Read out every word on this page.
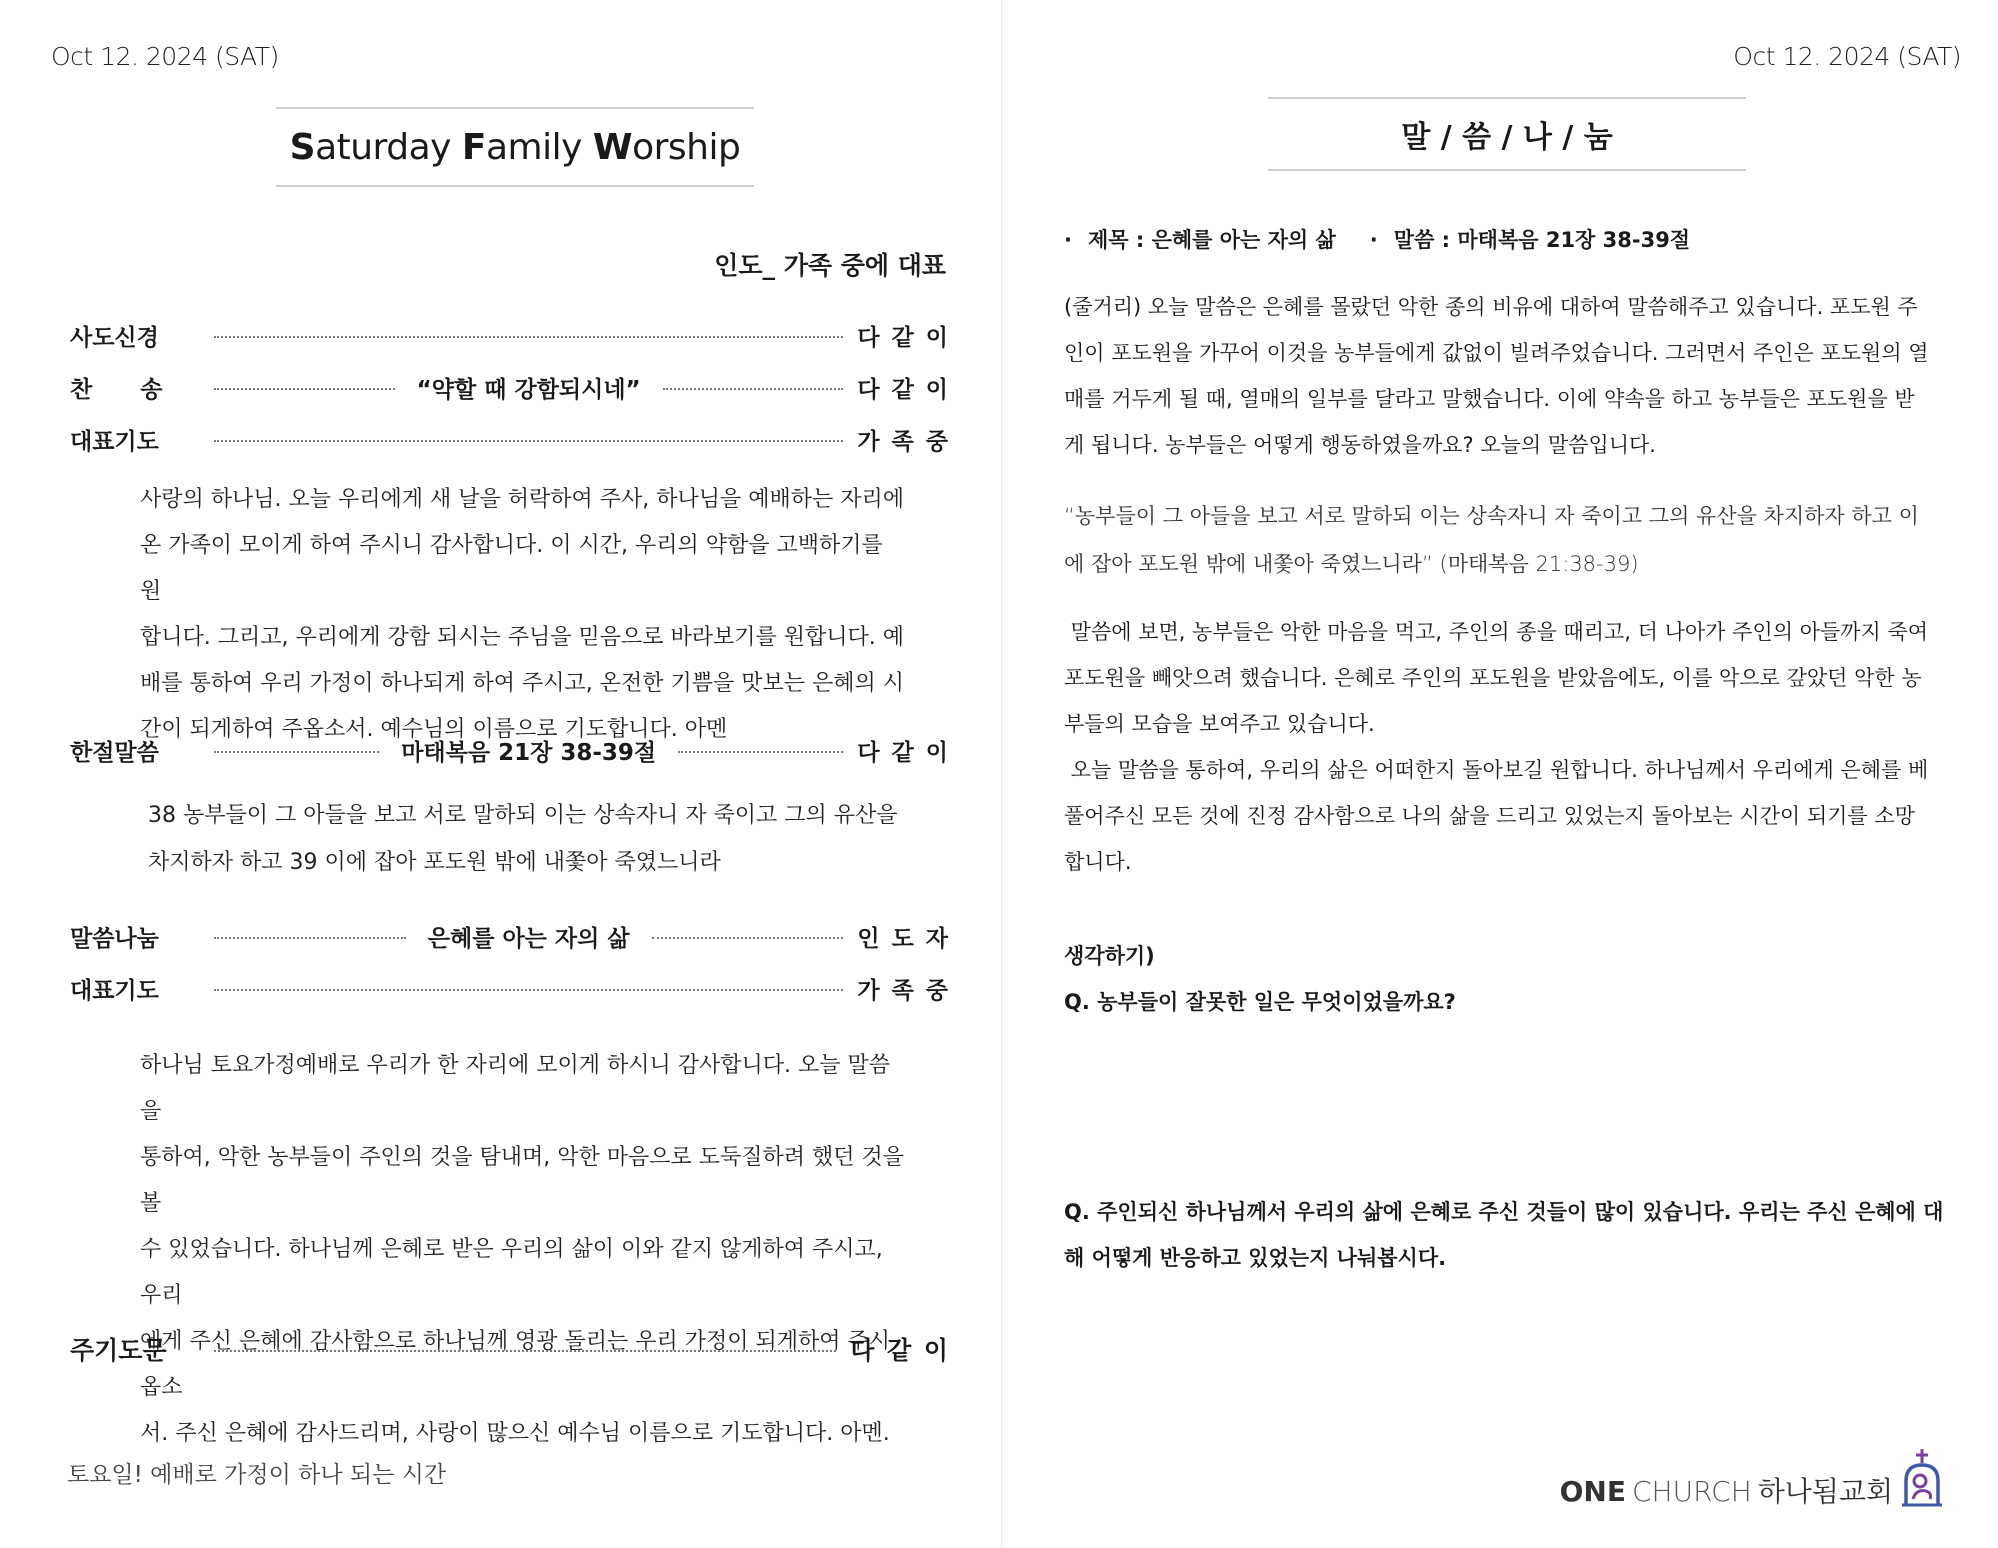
Oct 12. 2024 (SAT)
Saturday Family Worship
인도_ 가족 중에 대표
사도신경	다 같 이
찬      송	“약할 때 강함되시네”	다 같 이
대표기도	가 족 중
사랑의 하나님. 오늘 우리에게 새 날을 허락하여 주사, 하나님을 예배하는 자리에
온 가족이 모이게 하여 주시니 감사합니다. 이 시간, 우리의 약함을 고백하기를 원
합니다. 그리고, 우리에게 강함 되시는 주님을 믿음으로 바라보기를 원합니다. 예
배를 통하여 우리 가정이 하나되게 하여 주시고, 온전한 기쁨을 맛보는 은혜의 시
간이 되게하여 주옵소서. 예수님의 이름으로 기도합니다. 아멘
한절말씀	마태복음 21장 38-39절	다 같 이
38 농부들이 그 아들을 보고 서로 말하되 이는 상속자니 자 죽이고 그의 유산을
차지하자 하고 39 이에 잡아 포도원 밖에 내쫓아 죽였느니라
말씀나눔	은혜를 아는 자의 삶	인 도 자
대표기도	가 족 중
하나님 토요가정예배로 우리가 한 자리에 모이게 하시니 감사합니다. 오늘 말씀을
통하여, 악한 농부들이 주인의 것을 탐내며, 악한 마음으로 도둑질하려 했던 것을 볼
수 있었습니다. 하나님께 은혜로 받은 우리의 삶이 이와 같지 않게하여 주시고, 우리
에게 주신 은혜에 감사함으로 하나님께 영광 돌리는 우리 가정이 되게하여 주시옵소
서. 주신 은혜에 감사드리며, 사랑이 많으신 예수님 이름으로 기도합니다. 아멘.
주기도문	다 같 이
토요일! 예배로 가정이 하나 되는 시간
Oct 12. 2024 (SAT)
말 / 씀 / 나 / 눔
· 제목 : 은혜를 아는 자의 삶
·	말씀 : 마태복음 21장 38-39절
(줄거리) 오늘 말씀은 은혜를 몰랐던 악한 종의 비유에 대하여 말씀해주고 있습니다. 포도원 주
인이 포도원을 가꾸어 이것을 농부들에게 값없이 빌려주었습니다. 그러면서 주인은 포도원의 열
매를 거두게 될 때, 열매의 일부를 달라고 말했습니다. 이에 약속을 하고 농부들은 포도원을 받
게 됩니다. 농부들은 어떻게 행동하였을까요? 오늘의 말씀입니다.
“농부들이 그 아들을 보고 서로 말하되 이는 상속자니 자 죽이고 그의 유산을 차지하자 하고 이
에 잡아 포도원 밖에 내쫓아 죽였느니라” (마태복음 21:38-39)
말씀에 보면, 농부들은 악한 마음을 먹고, 주인의 종을 때리고, 더 나아가 주인의 아들까지 죽여
포도원을 빼앗으려 했습니다. 은혜로 주인의 포도원을 받았음에도, 이를 악으로 갚았던 악한 농
부들의 모습을 보여주고 있습니다.
오늘 말씀을 통하여, 우리의 삶은 어떠한지 돌아보길 원합니다. 하나님께서 우리에게 은혜를 베
풀어주신 모든 것에 진정 감사함으로 나의 삶을 드리고 있었는지 돌아보는 시간이 되기를 소망
합니다.
생각하기)
Q. 농부들이 잘못한 일은 무엇이었을까요?
Q. 주인되신 하나님께서 우리의 삶에 은혜로 주신 것들이 많이 있습니다. 우리는 주신 은혜에 대
해 어떻게 반응하고 있었는지 나눠봅시다.
ONE CHURCH 하나됨교회
